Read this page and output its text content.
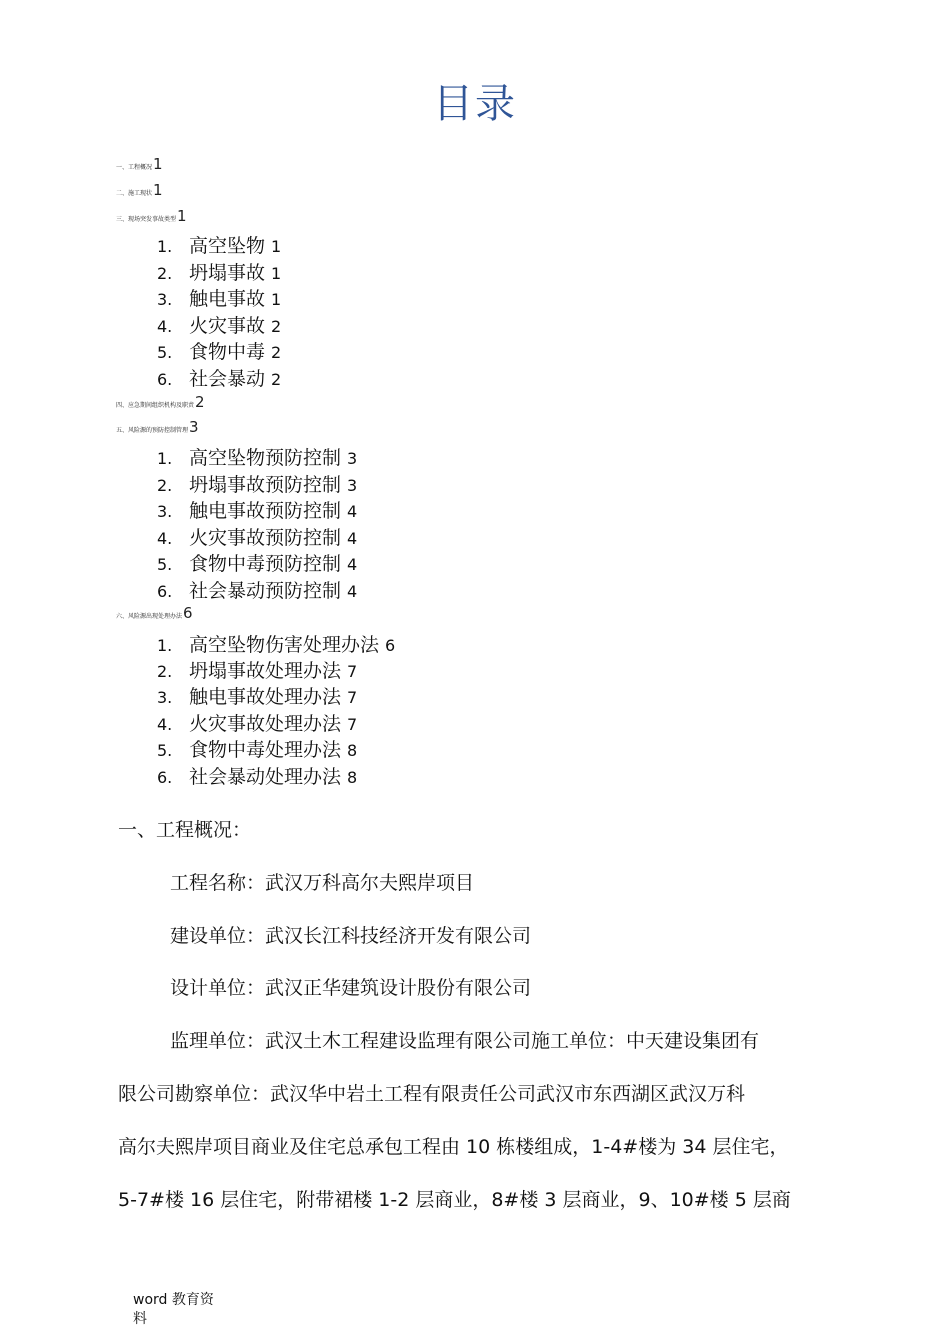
目录
一、工程概况1
二、施工现状1
三、现场突发事故类型1
1. 高空坠物 1
2. 坍塌事故 1
3. 触电事故 1
4. 火灾事故 2
5. 食物中毒 2
6. 社会暴动 2
四、应急期间组织机构及职责2
五、风险源的预防控制管理3
1. 高空坠物预防控制 3
2. 坍塌事故预防控制 3
3. 触电事故预防控制 4
4. 火灾事故预防控制 4
5. 食物中毒预防控制 4
6. 社会暴动预防控制 4
六、风险源出现处理办法6
1. 高空坠物伤害处理办法 6
2. 坍塌事故处理办法 7
3. 触电事故处理办法 7
4. 火灾事故处理办法 7
5. 食物中毒处理办法 8
6. 社会暴动处理办法 8
一、工程概况：
工程名称：武汉万科高尔夫熙岸项目
建设单位：武汉长江科技经济开发有限公司
设计单位：武汉正华建筑设计股份有限公司
监理单位：武汉土木工程建设监理有限公司施工单位：中天建设集团有
限公司勘察单位：武汉华中岩土工程有限责任公司武汉市东西湖区武汉万科
高尔夫熙岸项目商业及住宅总承包工程由 10 栋楼组成，1-4#楼为 34 层住宅，
5-7#楼 16 层住宅，附带裙楼 1-2 层商业，8#楼 3 层商业，9、10#楼 5 层商
word 教育资料
